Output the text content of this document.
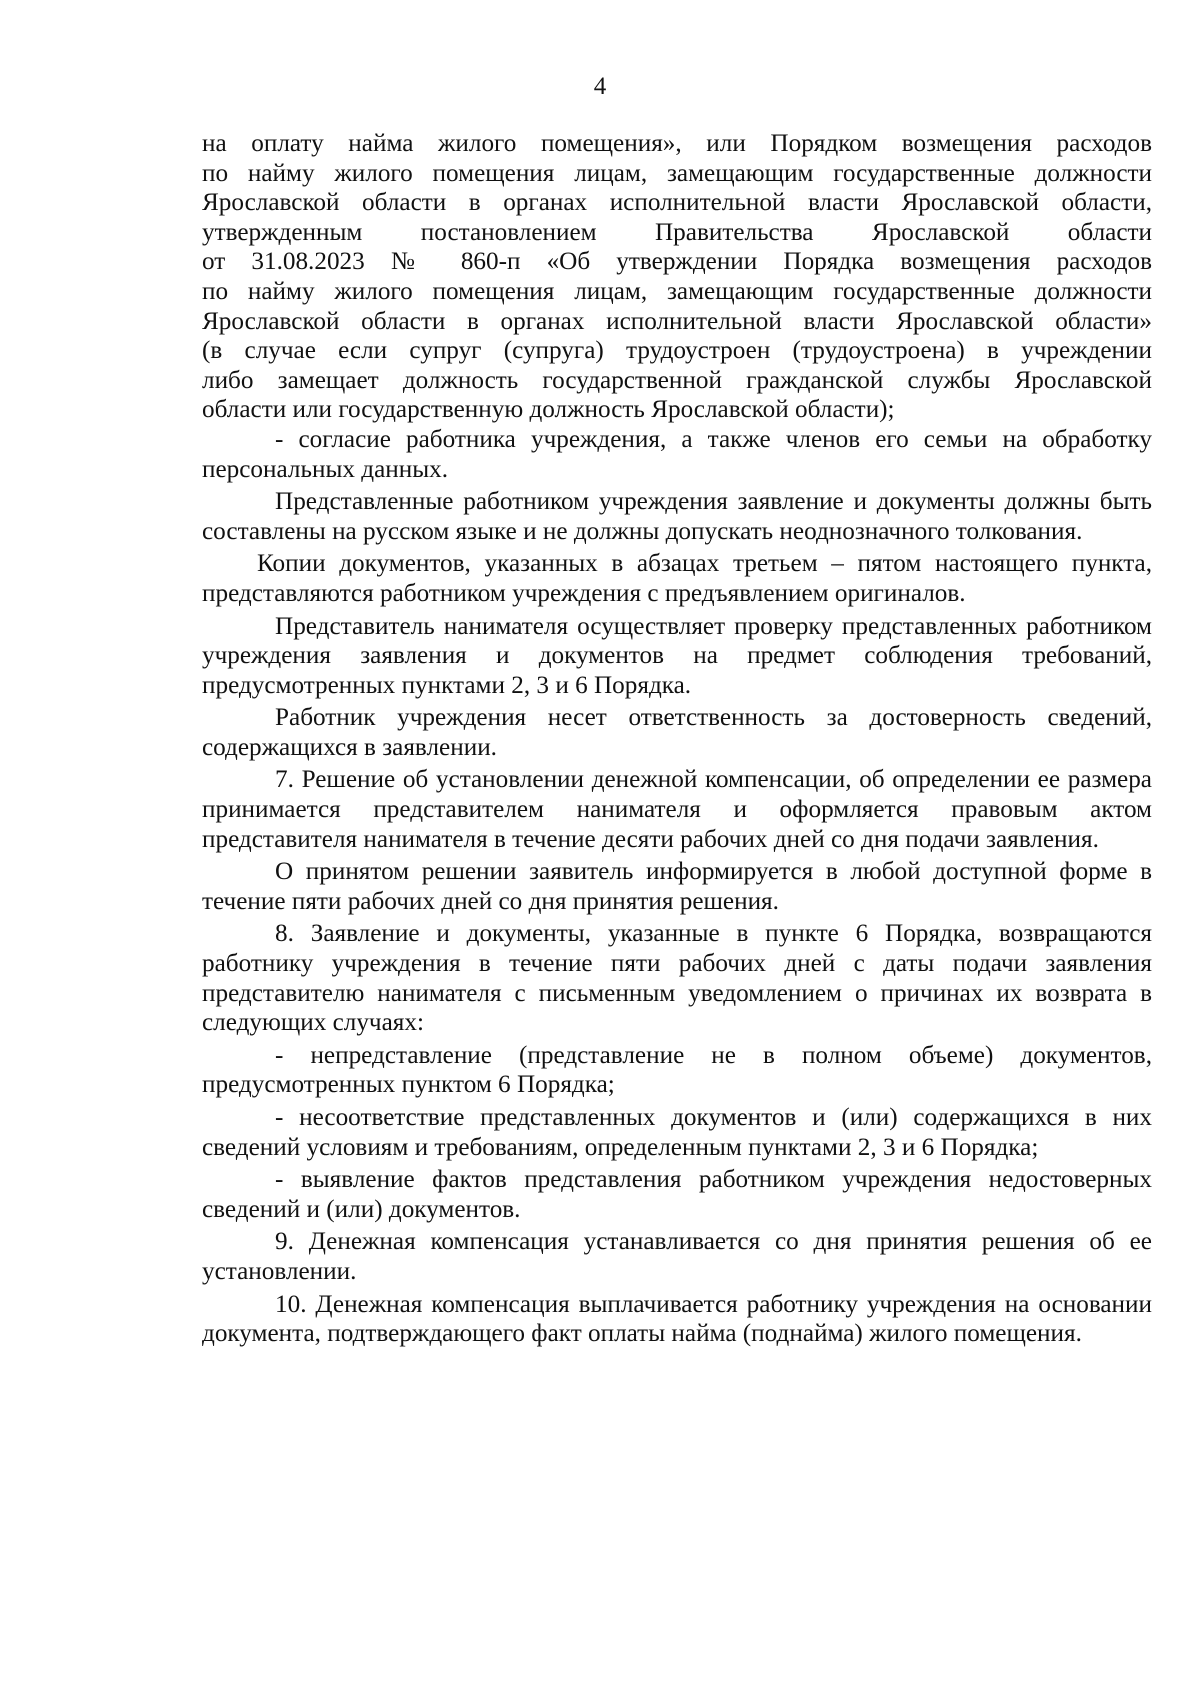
4

на оплату найма жилого помещения», или Порядком возмещения расходов
по найму жилого помещения лицам, замещающим государственные должности
Ярославской области в органах исполнительной власти Ярославской области,
утвержденным постановлением Правительства Ярославской области
от 31.08.2023 № 860-п «Об утверждении Порядка возмещения расходов
по найму жилого помещения лицам, замещающим государственные должности
Ярославской области в органах исполнительной власти Ярославской области»
(в случае если супруг (супруга) трудоустроен (трудоустроена) в учреждении
либо замещает должность государственной гражданской службы Ярославской
области или государственную должность Ярославской области);

- согласие работника учреждения, а также членов его семьи на обработку персональных данных.

Представленные работником учреждения заявление и документы должны быть составлены на русском языке и не должны допускать неоднозначного толкования.

Копии документов, указанных в абзацах третьем – пятом настоящего пункта, представляются работником учреждения с предъявлением оригиналов.

Представитель нанимателя осуществляет проверку представленных работником учреждения заявления и документов на предмет соблюдения требований, предусмотренных пунктами 2, 3 и 6 Порядка.

Работник учреждения несет ответственность за достоверность сведений, содержащихся в заявлении.

7. Решение об установлении денежной компенсации, об определении ее размера принимается представителем нанимателя и оформляется правовым актом представителя нанимателя в течение десяти рабочих дней со дня подачи заявления.

О принятом решении заявитель информируется в любой доступной форме в течение пяти рабочих дней со дня принятия решения.

8. Заявление и документы, указанные в пункте 6 Порядка, возвращаются работнику учреждения в течение пяти рабочих дней с даты подачи заявления представителю нанимателя с письменным уведомлением о причинах их возврата в следующих случаях:

- непредставление (представление не в полном объеме) документов, предусмотренных пунктом 6 Порядка;

- несоответствие представленных документов и (или) содержащихся в них сведений условиям и требованиям, определенным пунктами 2, 3 и 6 Порядка;

- выявление фактов представления работником учреждения недостоверных сведений и (или) документов.

9. Денежная компенсация устанавливается со дня принятия решения об ее установлении.

10. Денежная компенсация выплачивается работнику учреждения на основании документа, подтверждающего факт оплаты найма (поднайма) жилого помещения.
